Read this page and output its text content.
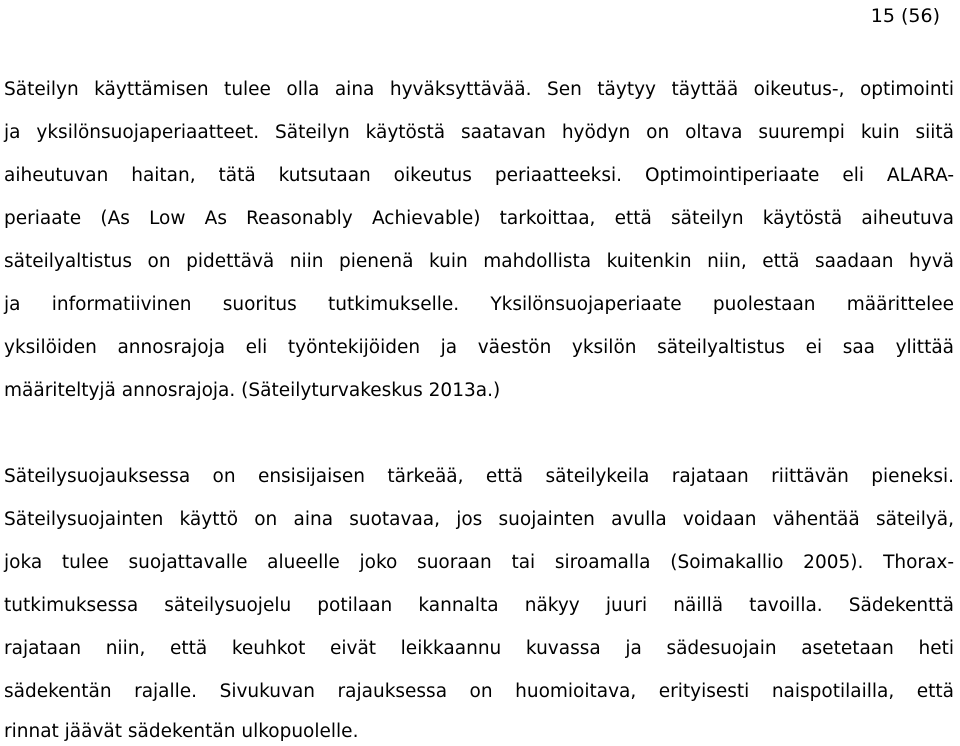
15 (56)
Säteilyn käyttämisen tulee olla aina hyväksyttävää. Sen täytyy täyttää oikeutus-, optimointi
ja yksilönsuojaperiaatteet. Säteilyn käytöstä saatavan hyödyn on oltava suurempi kuin siitä
aiheutuvan haitan, tätä kutsutaan oikeutus periaatteeksi. Optimointiperiaate eli ALARA-
periaate (As Low As Reasonably Achievable) tarkoittaa, että säteilyn käytöstä aiheutuva
säteilyaltistus on pidettävä niin pienenä kuin mahdollista kuitenkin niin, että saadaan hyvä
ja informatiivinen suoritus tutkimukselle. Yksilönsuojaperiaate puolestaan määrittelee
yksilöiden annosrajoja eli työntekijöiden ja väestön yksilön säteilyaltistus ei saa ylittää
määriteltyjä annosrajoja. (Säteilyturvakeskus 2013a.)
Säteilysuojauksessa on ensisijaisen tärkeää, että säteilykeila rajataan riittävän pieneksi.
Säteilysuojainten käyttö on aina suotavaa, jos suojainten avulla voidaan vähentää säteilyä,
joka tulee suojattavalle alueelle joko suoraan tai siroamalla (Soimakallio 2005). Thorax-
tutkimuksessa säteilysuojelu potilaan kannalta näkyy juuri näillä tavoilla. Sädekenttä
rajataan niin, että keuhkot eivät leikkaannu kuvassa ja sädesuojain asetetaan heti
sädekentän rajalle. Sivukuvan rajauksessa on huomioitava, erityisesti naispotilailla, että
rinnat jäävät sädekentän ulkopuolelle.
